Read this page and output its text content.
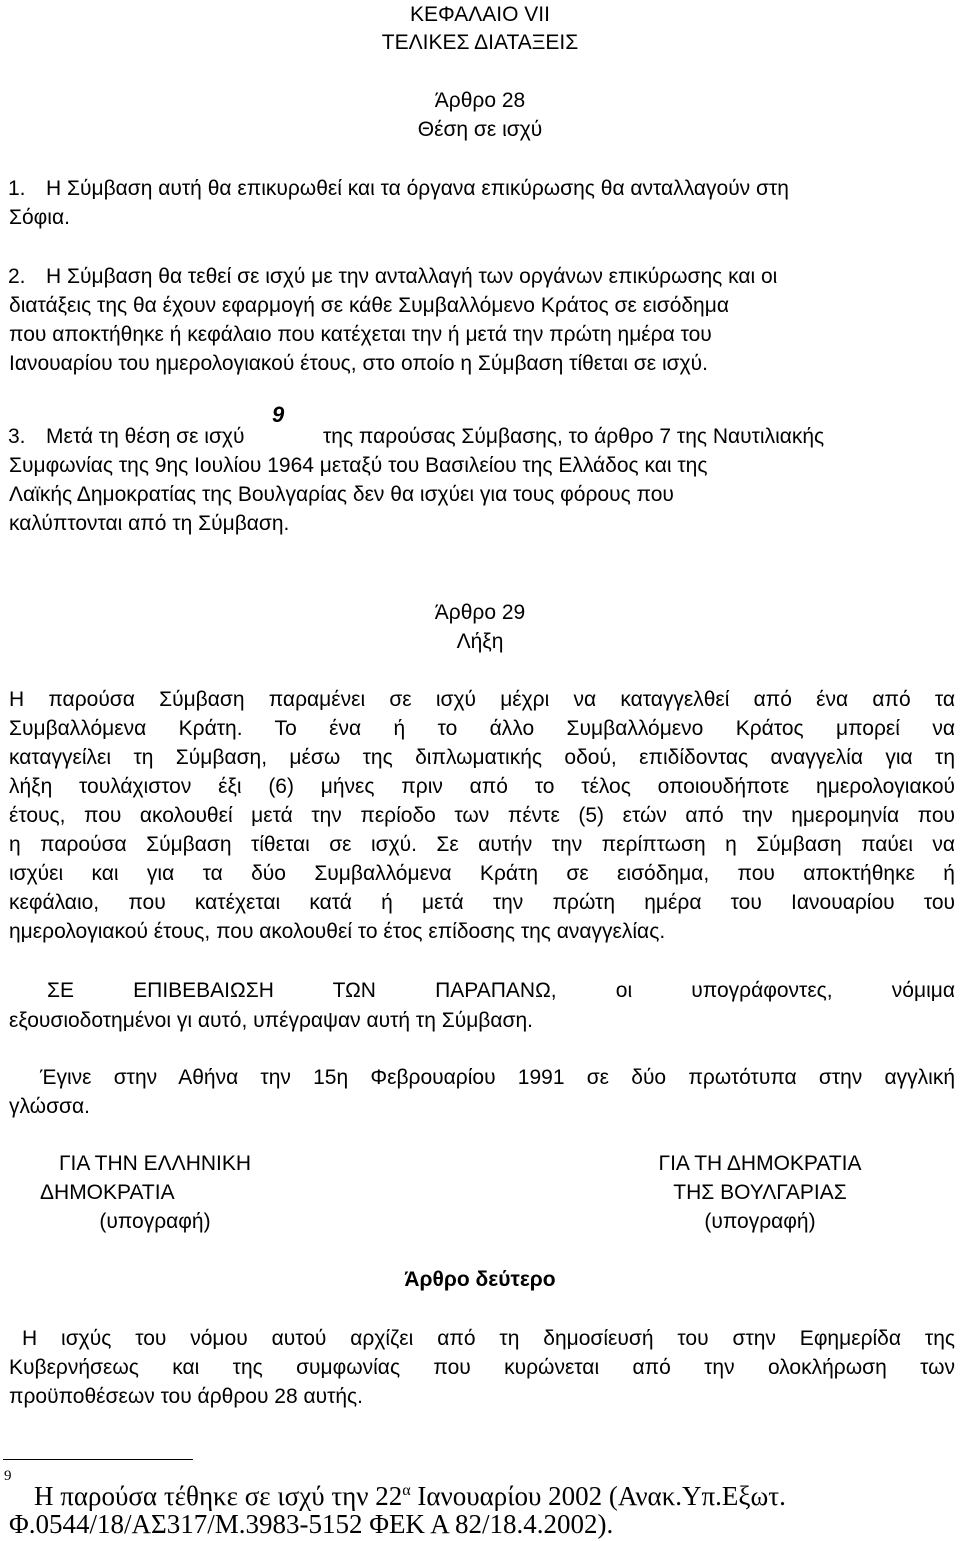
ΚΕΦΑΛΑΙΟ VII
ΤΕΛΙΚΕΣ ΔΙΑΤΑΞΕΙΣ
Άρθρο 28
Θέση σε ισχύ
1. Η Σύμβαση αυτή θα επικυρωθεί και τα όργανα επικύρωσης θα ανταλλαγούν στη
Σόφια.
2. Η Σύμβαση θα τεθεί σε ισχύ με την ανταλλαγή των οργάνων επικύρωσης και οι
διατάξεις της θα έχουν εφαρμογή σε κάθε Συμβαλλόμενο Κράτος σε εισόδημα
που αποκτήθηκε ή κεφάλαιο που κατέχεται την ή μετά την πρώτη ημέρα του
Ιανουαρίου του ημερολογιακού έτους, στο οποίο η Σύμβαση τίθεται σε ισχύ.
3. Μετά τη θέση σε ισχύ
9
της παρούσας Σύμβασης, το άρθρο 7 της Ναυτιλιακής
Συμφωνίας της 9ης Ιουλίου 1964 μεταξύ του Βασιλείου της Ελλάδος και της
Λαϊκής Δημοκρατίας της Βουλγαρίας δεν θα ισχύει για τους φόρους που
καλύπτονται από τη Σύμβαση.
Άρθρο 29
Λήξη
Η παρούσα Σύμβαση παραμένει σε ισχύ μέχρι να καταγγελθεί από ένα από τα
Συμβαλλόμενα Κράτη. Το ένα ή το άλλο Συμβαλλόμενο Κράτος μπορεί να
καταγγείλει τη Σύμβαση, μέσω της διπλωματικής οδού, επιδίδοντας αναγγελία για τη
λήξη τουλάχιστον έξι (6) μήνες πριν από το τέλος οποιουδήποτε ημερολογιακού
έτους, που ακολουθεί μετά την περίοδο των πέντε (5) ετών από την ημερομηνία που
η παρούσα Σύμβαση τίθεται σε ισχύ. Σε αυτήν την περίπτωση η Σύμβαση παύει να
ισχύει και για τα δύο Συμβαλλόμενα Κράτη σε εισόδημα, που αποκτήθηκε ή
κεφάλαιο, που κατέχεται κατά ή μετά την πρώτη ημέρα του Ιανουαρίου του
ημερολογιακού έτους, που ακολουθεί το έτος επίδοσης της αναγγελίας.
ΣΕ ΕΠΙΒΕΒΑΙΩΣΗ ΤΩΝ ΠΑΡΑΠΑΝΩ, οι υπογράφοντες, νόμιμα
εξουσιοδοτημένοι γι αυτό, υπέγραψαν αυτή τη Σύμβαση.
Έγινε στην Αθήνα την 15η Φεβρουαρίου 1991 σε δύο πρωτότυπα στην αγγλική
γλώσσα.
ΓΙΑ ΤΗΝ ΕΛΛΗΝΙΚΗ
ΔΗΜΟΚΡΑΤΙΑ
(υπογραφή)
ΓΙΑ ΤΗ ΔΗΜΟΚΡΑΤΙΑ
ΤΗΣ ΒΟΥΛΓΑΡΙΑΣ
(υπογραφή)
Άρθρο δεύτερο
Η ισχύς του νόμου αυτού αρχίζει από τη δημοσίευσή του στην Εφημερίδα της
Κυβερνήσεως και της συμφωνίας που κυρώνεται από την ολοκλήρωση των
προϋποθέσεων του άρθρου 28 αυτής.
9
Η παρούσα τέθηκε σε ισχύ την $22^\alpha$ Ιανουαρίου 2002 (Ανακ.Υπ.Εξωτ.
Φ.0544/18/ΑΣ317/Μ.3983-5152 ΦΕΚ Α 82/18.4.2002).
